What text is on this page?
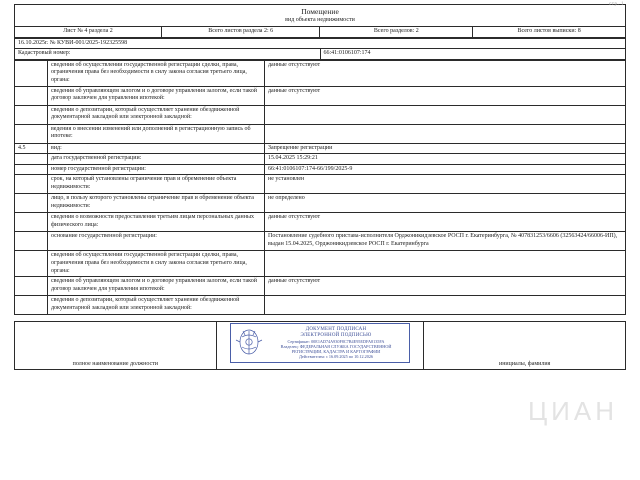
стр. 1
Помещение
вид объекта недвижимости
Лист № 4 раздела 2	Всего листов раздела 2: 6	Всего разделов: 2	Всего листов выписки: 8
16.10.2025г. № КУВИ-001/2025-192325598
Кадастровый номер:	66:41:0106107:174
	сведения об осуществлении государственной регистрации сделки, права, ограничения права без необходимости в силу закона согласия третьего лица, органа:	данные отсутствуют
	сведения об управляющем залогом и о договоре управления залогом, если такой договор заключен для управления ипотекой:	данные отсутствуют
	сведения о депозитарии, который осуществляет хранение обездвиженной документарной закладной или электронной закладной:	
	ведения о внесении изменений или дополнений в регистрационную запись об ипотеке:	
4.5	вид:	Запрещение регистрации
	дата государственной регистрации:	15.04.2025 15:29:21
	номер государственной регистрации:	66:41:0106107:174-66/199/2025-9
	срок, на который установлены ограничение прав и обременение объекта недвижимости:	не установлен
	лицо, в пользу которого установлены ограничение прав и обременение объекта недвижимости:	не определено
	сведения о возможности предоставления третьим лицам персональных данных физического лица:	данные отсутствуют
	основание государственной регистрации:	Постановление судебного пристава-исполнителя Орджоникидзевское РОСП г. Екатеринбурга, № 407831253/6606 (32563424/66006-ИП), выдан 15.04.2025, Орджоникидзевское РОСП г. Екатеринбурга
	сведения об осуществлении государственной регистрации сделки, права, ограничения права без необходимости в силу закона согласия третьего лица, органа:	
	сведения об управляющем залогом и о договоре управления залогом, если такой договор заключен для управления ипотекой:	данные отсутствуют
	сведения о депозитарии, который осуществляет хранение обездвиженной документарной закладной или электронной закладной:	
полное наименование должности		инициалы, фамилия
ДОКУМЕНТ ПОДПИСАН
ЭЛЕКТРОННОЙ ПОДПИСЬЮ
Сертификат: 00E1AD74A930F8C7B4E95EDFA8135FA
Владелец: ФЕДЕРАЛЬНАЯ СЛУЖБА ГОСУДАРСТВЕННОЙ
РЕГИСТРАЦИИ, КАДАСТРА И КАРТОГРАФИИ
Действителен: с 16.09.2025 по 10.12.2026
ЦИАН
